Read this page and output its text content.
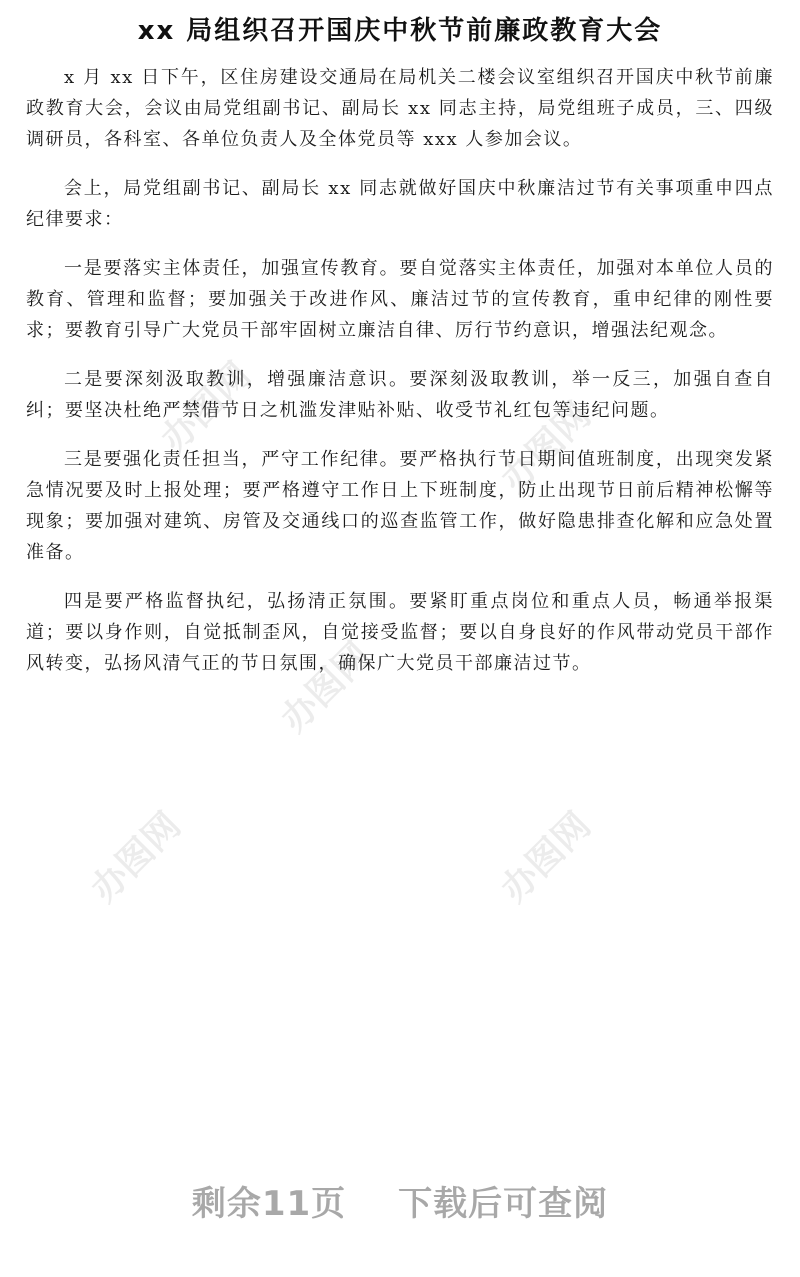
办图网	办图网
办图网
办图网
办图网
xx 局组织召开国庆中秋节前廉政教育大会

x 月 xx 日下午，区住房建设交通局在局机关二楼会议室组织召开国庆中秋节前廉政教育大会，会议由局党组副书记、副局长 xx 同志主持，局党组班子成员，三、四级调研员，各科室、各单位负责人及全体党员等 xxx 人参加会议。

会上，局党组副书记、副局长 xx 同志就做好国庆中秋廉洁过节有关事项重申四点纪律要求：

一是要落实主体责任，加强宣传教育。要自觉落实主体责任，加强对本单位人员的教育、管理和监督；要加强关于改进作风、廉洁过节的宣传教育，重申纪律的刚性要求；要教育引导广大党员干部牢固树立廉洁自律、厉行节约意识，增强法纪观念。

二是要深刻汲取教训，增强廉洁意识。要深刻汲取教训，举一反三，加强自查自纠；要坚决杜绝严禁借节日之机滥发津贴补贴、收受节礼红包等违纪问题。

三是要强化责任担当，严守工作纪律。要严格执行节日期间值班制度，出现突发紧急情况要及时上报处理；要严格遵守工作日上下班制度，防止出现节日前后精神松懈等现象；要加强对建筑、房管及交通线口的巡查监管工作，做好隐患排查化解和应急处置准备。

四是要严格监督执纪，弘扬清正氛围。要紧盯重点岗位和重点人员，畅通举报渠道；要以身作则，自觉抵制歪风，自觉接受监督；要以自身良好的作风带动党员干部作风转变，弘扬风清气正的节日氛围，确保广大党员干部廉洁过节。

剩余11页 下载后可查阅
